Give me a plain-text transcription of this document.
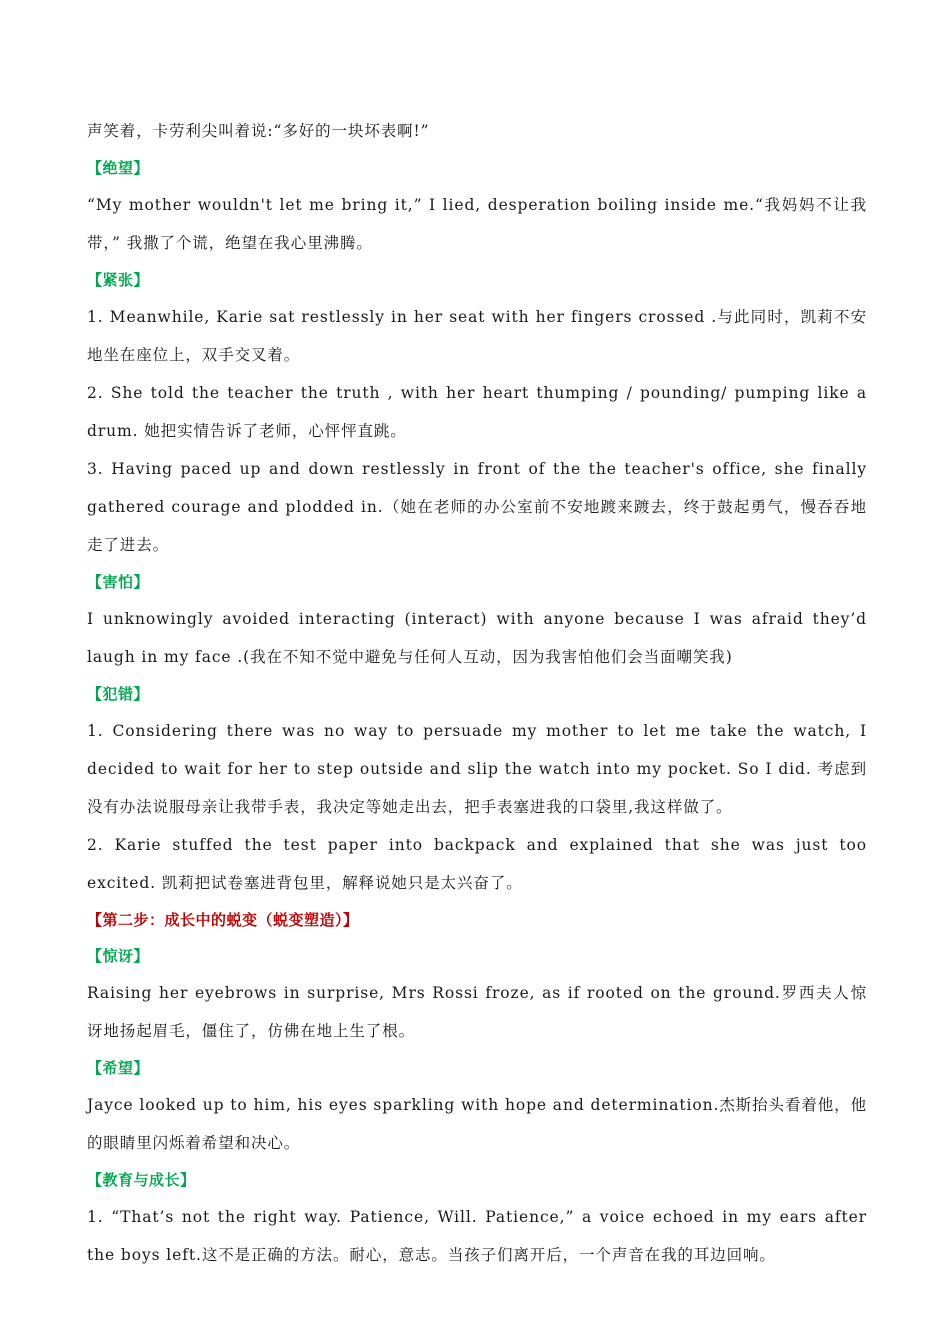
声笑着，卡劳利尖叫着说:“多好的一块坏表啊!”

【绝望】

“My mother wouldn't let me bring it,” I lied, desperation boiling inside me.“我妈妈不让我带，” 我撒了个谎，绝望在我心里沸腾。

【紧张】

1. Meanwhile, Karie sat restlessly in her seat with her fingers crossed .与此同时，凯莉不安地坐在座位上，双手交叉着。

2. She told the teacher the truth , with her heart thumping / pounding/ pumping like a drum. 她把实情告诉了老师，心怦怦直跳。

3. Having paced up and down restlessly in front of the the teacher's office, she finally gathered courage and plodded in.（她在老师的办公室前不安地踱来踱去，终于鼓起勇气，慢吞吞地走了进去。

【害怕】

I unknowingly avoided interacting (interact) with anyone because I was afraid they’d laugh in my face .(我在不知不觉中避免与任何人互动，因为我害怕他们会当面嘲笑我)

【犯错】

1. Considering there was no way to persuade my mother to let me take the watch, I decided to wait for her to step outside and slip the watch into my pocket. So I did. 考虑到没有办法说服母亲让我带手表，我决定等她走出去，把手表塞进我的口袋里,我这样做了。

2. Karie stuffed the test paper into backpack and explained that she was just too excited. 凯莉把试卷塞进背包里，解释说她只是太兴奋了。

【第二步：成长中的蜕变（蜕变塑造）】

【惊讶】

Raising her eyebrows in surprise, Mrs Rossi froze, as if rooted on the ground.罗西夫人惊讶地扬起眉毛，僵住了，仿佛在地上生了根。

【希望】

Jayce looked up to him, his eyes sparkling with hope and determination.杰斯抬头看着他，他的眼睛里闪烁着希望和决心。

【教育与成长】

1. “That’s not the right way. Patience, Will. Patience,” a voice echoed in my ears after the boys left.这不是正确的方法。耐心，意志。当孩子们离开后，一个声音在我的耳边回响。
